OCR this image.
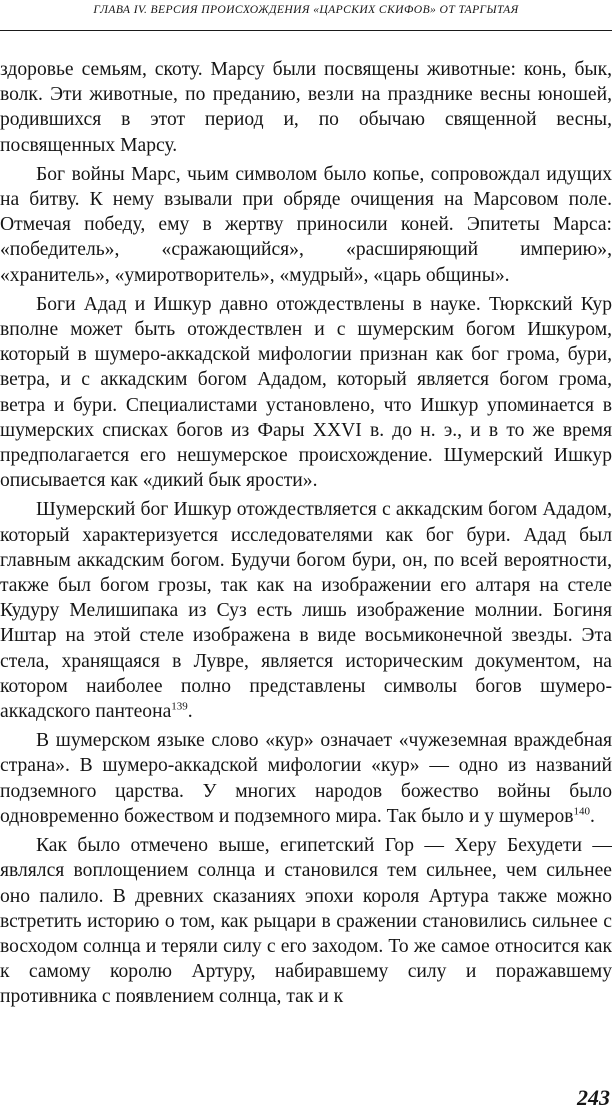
ГЛАВА IV. ВЕРСИЯ ПРОИСХОЖДЕНИЯ «ЦАРСКИХ СКИФОВ» ОТ ТАРГЫТАЯ

здоровье семьям, скоту. Марсу были посвящены животные: конь, бык, волк. Эти животные, по преданию, везли на празднике весны юношей, родившихся в этот период и, по обычаю священной весны, посвященных Марсу.

Бог войны Марс, чьим символом было копье, сопровождал идущих на битву. К нему взывали при обряде очищения на Марсовом поле. Отмечая победу, ему в жертву приносили коней. Эпитеты Марса: «победитель», «сражающийся», «расширяющий империю», «хранитель», «умиротворитель», «мудрый», «царь общины».

Боги Адад и Ишкур давно отождествлены в науке. Тюркский Кур вполне может быть отождествлен и с шумерским богом Ишкуром, который в шумеро-аккадской мифологии признан как бог грома, бури, ветра, и с аккадским богом Ададом, который является богом грома, ветра и бури. Специалистами установлено, что Ишкур упоминается в шумерских списках богов из Фары XXVI в. до н. э., и в то же время предполагается его нешумерское происхождение. Шумерский Ишкур описывается как «дикий бык ярости».

Шумерский бог Ишкур отождествляется с аккадским богом Ададом, который характеризуется исследователями как бог бури. Адад был главным аккадским богом. Будучи богом бури, он, по всей вероятности, также был богом грозы, так как на изображении его алтаря на стеле Кудуру Мелишипака из Суз есть лишь изображение молнии. Богиня Иштар на этой стеле изображена в виде восьмиконечной звезды. Эта стела, хранящаяся в Лувре, является историческим документом, на котором наиболее полно представлены символы богов шумеро-аккадского пантеона$^{139}$.

В шумерском языке слово «кур» означает «чужеземная враждебная страна». В шумеро-аккадской мифологии «кур» — одно из названий подземного царства. У многих народов божество войны было одновременно божеством и подземного мира. Так было и у шумеров$^{140}$.

Как было отмечено выше, египетский Гор — Херу Бехудети — являлся воплощением солнца и становился тем сильнее, чем сильнее оно палило. В древних сказаниях эпохи короля Артура также можно встретить историю о том, как рыцари в сражении становились сильнее с восходом солнца и теряли силу с его заходом. То же самое относится как к самому королю Артуру, набиравшему силу и поражавшему противника с появлением солнца, так и к

243
